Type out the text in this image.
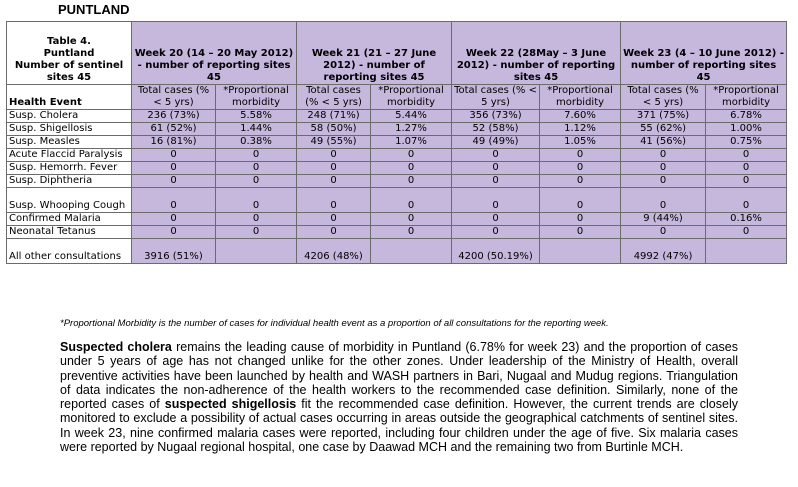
PUNTLAND
Table 4.
Puntland
Number of sentinel
sites 45	Week 20 (14 – 20 May 2012) - number of reporting sites 45		Week 21 (21 – 27 June 2012) - number of reporting sites 45		Week 22 (28May – 3 June 2012) - number of reporting sites 45		Week 23 (4 – 10 June 2012) - number of reporting sites 45	

Health Event	Total cases (% < 5 yrs)	*Proportional morbidity	Total cases (% < 5 yrs)	*Proportional morbidity	Total cases (% < 5 yrs)	*Proportional morbidity	Total cases (% < 5 yrs)	*Proportional morbidity
Susp. Cholera	236 (73%)	5.58%	248 (71%)	5.44%	356 (73%)	7.60%	371 (75%)	6.78%
Susp. Shigellosis	61 (52%)	1.44%	58 (50%)	1.27%	52 (58%)	1.12%	55 (62%)	1.00%
Susp. Measles	16 (81%)	0.38%	49 (55%)	1.07%	49 (49%)	1.05%	41 (56%)	0.75%
Acute Flaccid Paralysis	0	0	0	0	0	0	0	0
Susp. Hemorrh. Fever	0	0	0	0	0	0	0	0
Susp. Diphtheria	0	0	0	0	0	0	0	0
Susp. Whooping Cough	0	0	0	0	0	0	0	0
Confirmed Malaria	0	0	0	0	0	0	9 (44%)	0.16%
Neonatal Tetanus	0	0	0	0	0	0	0	0
All other consultations	3916 (51%)		4206 (48%)		4200 (50.19%)		4992 (47%)	

*Proportional Morbidity is the number of cases for individual health event as a proportion of all consultations for the reporting week.

Suspected cholera remains the leading cause of morbidity in Puntland (6.78% for week 23) and the proportion of cases under 5 years of age has not changed unlike for the other zones. Under leadership of the Ministry of Health, overall preventive activities have been launched by health and WASH partners in Bari, Nugaal and Mudug regions. Triangulation of data indicates the non-adherence of the health workers to the recommended case definition. Similarly, none of the reported cases of suspected shigellosis fit the recommended case definition. However, the current trends are closely monitored to exclude a possibility of actual cases occurring in areas outside the geographical catchments of sentinel sites. In week 23, nine confirmed malaria cases were reported, including four children under the age of five. Six malaria cases were reported by Nugaal regional hospital, one case by Daawad MCH and the remaining two from Burtinle MCH.
